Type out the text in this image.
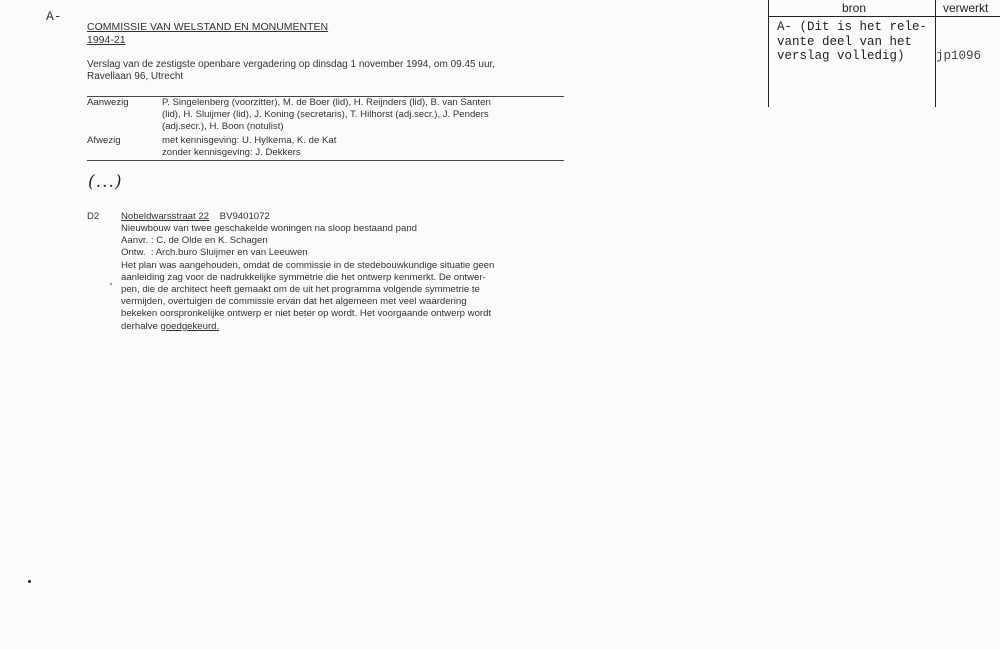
A-
COMMISSIE VAN WELSTAND EN MONUMENTEN
1994-21
Verslag van de zestigste openbare vergadering op dinsdag 1 november 1994, om 09.45 uur,
Ravellaan 96, Utrecht
Aanwezig	P. Singelenberg (voorzitter), M. de Boer (lid), H. Reijnders (lid), B. van Santen
(lid), H. Sluijmer (lid), J. Koning (secretaris), T. Hilhorst (adj.secr.), J. Penders
(adj.secr.), H. Boon (notulist)
Afwezig	met kennisgeving: U. Hylkema, K. de Kat
zonder kennisgeving: J. Dekkers
(...)
D2 Nobeldwarsstraat 22 BV9401072
Nieuwbouw van twee geschakelde woningen na sloop bestaand pand
Aanvr. : C. de Olde en K. Schagen
Ontw.  : Arch.buro Sluijmer en van Leeuwen
Het plan was aangehouden, omdat de commissie in de stedebouwkundige situatie geen
aanleiding zag voor de nadrukkelijke symmetrie die het ontwerp kenmerkt. De ontwer-
pen, die de architect heeft gemaakt om de uit het programma volgende symmetrie te
vermijden, overtuigen de commissie ervan dat het algemeen met veel waardering
bekeken oorspronkelijke ontwerp er niet beter op wordt. Het voorgaande ontwerp wordt
derhalve goedgekeurd.
bron	verwerkt
A- (Dit is het rele-
vante deel van het
verslag volledig)	jp1096
